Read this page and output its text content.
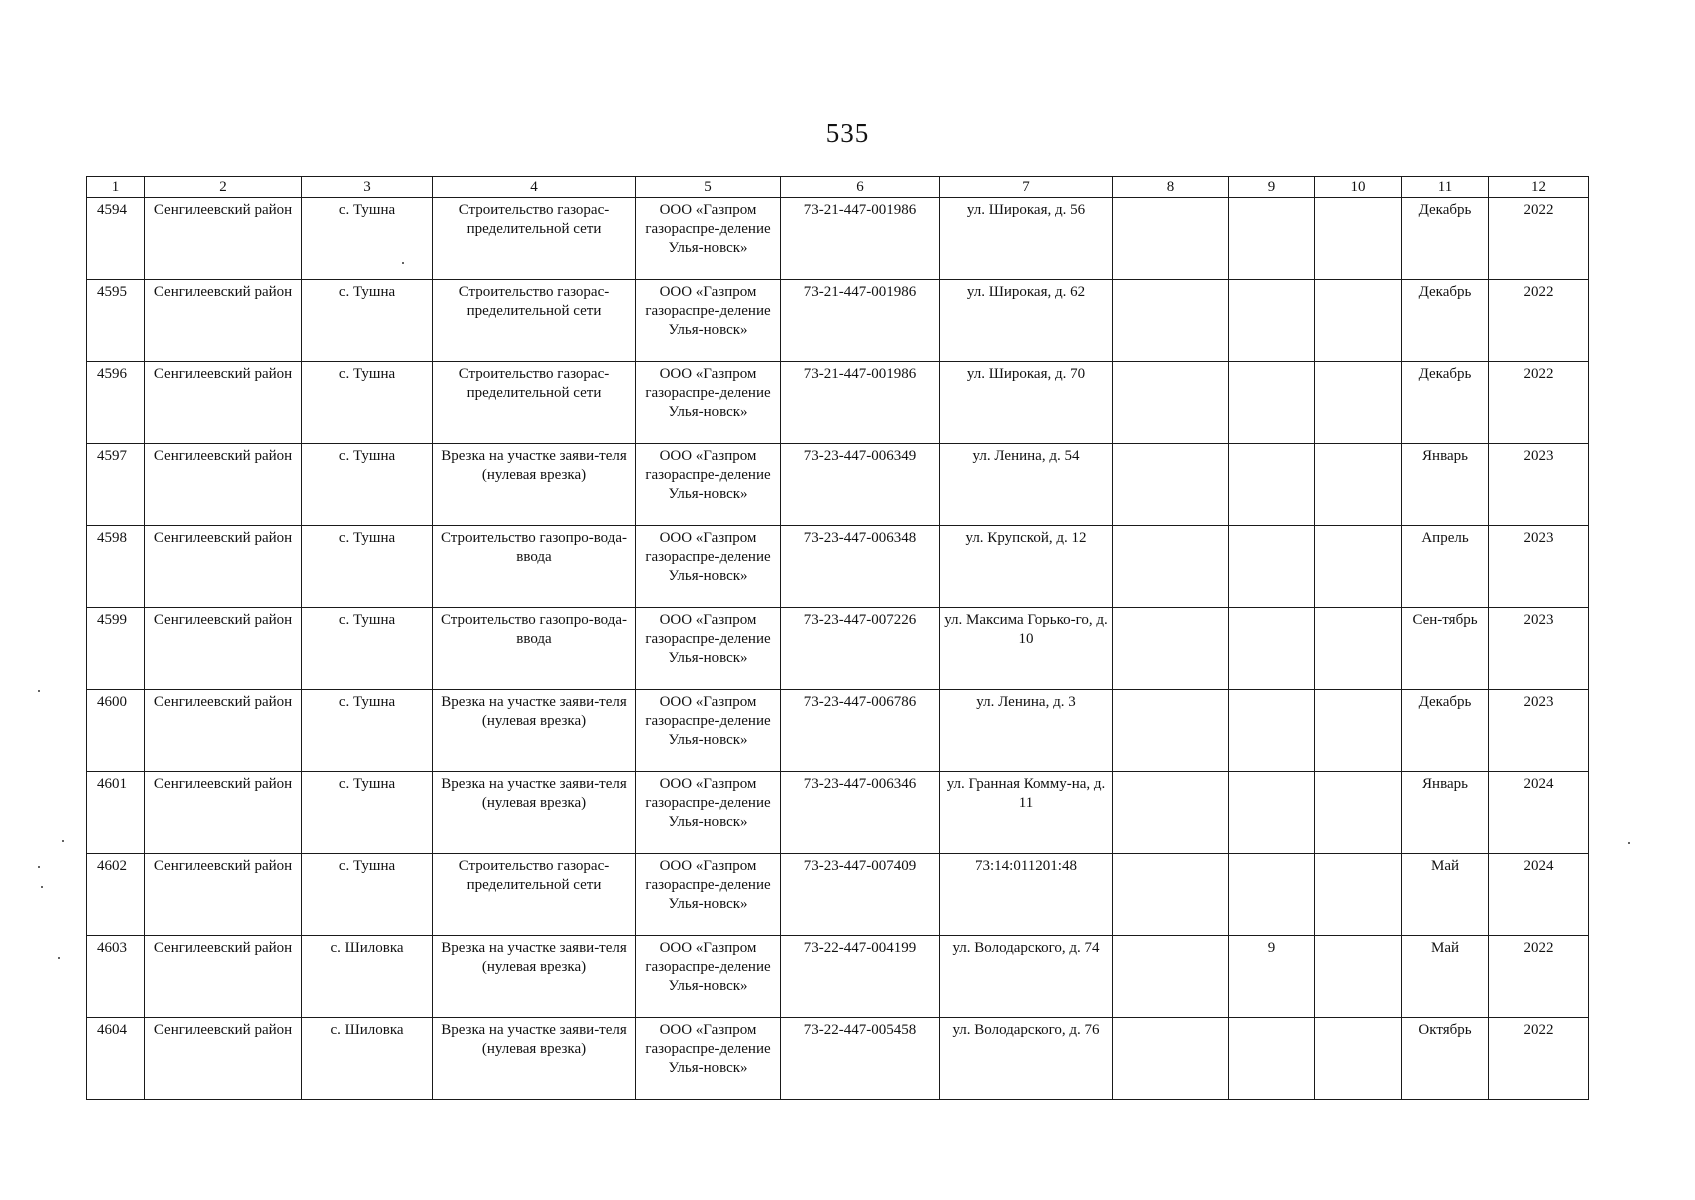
535
1	2	3	4	5	6	7	8	9	10	11	12
4594	Сенгилеевский район	с. Тушна	Строительство газорас-пределительной сети	ООО «Газпром газораспре-деление Улья-новск»	73-21-447-001986	ул. Широкая, д. 56				Декабрь	2022
4595	Сенгилеевский район	с. Тушна	Строительство газорас-пределительной сети	ООО «Газпром газораспре-деление Улья-новск»	73-21-447-001986	ул. Широкая, д. 62				Декабрь	2022
4596	Сенгилеевский район	с. Тушна	Строительство газорас-пределительной сети	ООО «Газпром газораспре-деление Улья-новск»	73-21-447-001986	ул. Широкая, д. 70				Декабрь	2022
4597	Сенгилеевский район	с. Тушна	Врезка на участке заяви-теля (нулевая врезка)	ООО «Газпром газораспре-деление Улья-новск»	73-23-447-006349	ул. Ленина, д. 54				Январь	2023
4598	Сенгилеевский район	с. Тушна	Строительство газопро-вода-ввода	ООО «Газпром газораспре-деление Улья-новск»	73-23-447-006348	ул. Крупской, д. 12				Апрель	2023
4599	Сенгилеевский район	с. Тушна	Строительство газопро-вода-ввода	ООО «Газпром газораспре-деление Улья-новск»	73-23-447-007226	ул. Максима Горько-го, д. 10				Сен-тябрь	2023
4600	Сенгилеевский район	с. Тушна	Врезка на участке заяви-теля (нулевая врезка)	ООО «Газпром газораспре-деление Улья-новск»	73-23-447-006786	ул. Ленина, д. 3				Декабрь	2023
4601	Сенгилеевский район	с. Тушна	Врезка на участке заяви-теля (нулевая врезка)	ООО «Газпром газораспре-деление Улья-новск»	73-23-447-006346	ул. Гранная Комму-на, д. 11				Январь	2024
4602	Сенгилеевский район	с. Тушна	Строительство газорас-пределительной сети	ООО «Газпром газораспре-деление Улья-новск»	73-23-447-007409	73:14:011201:48				Май	2024
4603	Сенгилеевский район	с. Шиловка	Врезка на участке заяви-теля (нулевая врезка)	ООО «Газпром газораспре-деление Улья-новск»	73-22-447-004199	ул. Володарского, д. 74		9		Май	2022
4604	Сенгилеевский район	с. Шиловка	Врезка на участке заяви-теля (нулевая врезка)	ООО «Газпром газораспре-деление Улья-новск»	73-22-447-005458	ул. Володарского, д. 76				Октябрь	2022
